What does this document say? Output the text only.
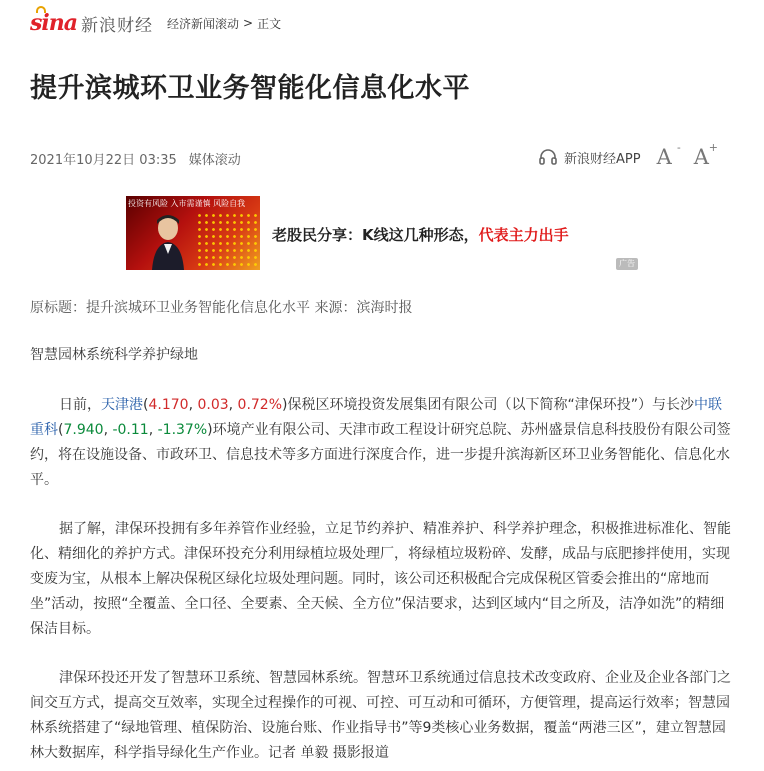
sina 新浪财经 经济新闻滚动 > 正文
提升滨城环卫业务智能化信息化水平
2021年10月22日 03:35 媒体滚动	新浪财经APP A - A +
投资有风险 入市需谨慎 风险自我
老股民分享：K线这几种形态，代表主力出手
广告

原标题：提升滨城环卫业务智能化信息化水平 来源：滨海时报

智慧园林系统科学养护绿地

日前，天津港(4.170, 0.03, 0.72%)保税区环境投资发展集团有限公司（以下简称“津保环投”）与长沙中联重科(7.940, -0.11, -1.37%)环境产业有限公司、天津市政工程设计研究总院、苏州盛景信息科技股份有限公司签约，将在设施设备、市政环卫、信息技术等多方面进行深度合作，进一步提升滨海新区环卫业务智能化、信息化水平。

据了解，津保环投拥有多年养管作业经验，立足节约养护、精准养护、科学养护理念，积极推进标准化、智能化、精细化的养护方式。津保环投充分利用绿植垃圾处理厂，将绿植垃圾粉碎、发酵，成品与底肥掺拌使用，实现变废为宝，从根本上解决保税区绿化垃圾处理问题。同时，该公司还积极配合完成保税区管委会推出的“席地而坐”活动，按照“全覆盖、全口径、全要素、全天候、全方位”保洁要求，达到区域内“目之所及，洁净如洗”的精细保洁目标。

津保环投还开发了智慧环卫系统、智慧园林系统。智慧环卫系统通过信息技术改变政府、企业及企业各部门之间交互方式，提高交互效率，实现全过程操作的可视、可控、可互动和可循环，方便管理，提高运行效率；智慧园林系统搭建了“绿地管理、植保防治、设施台账、作业指导书”等9类核心业务数据，覆盖“两港三区”，建立智慧园林大数据库，科学指导绿化生产作业。记者 单毅 摄影报道
